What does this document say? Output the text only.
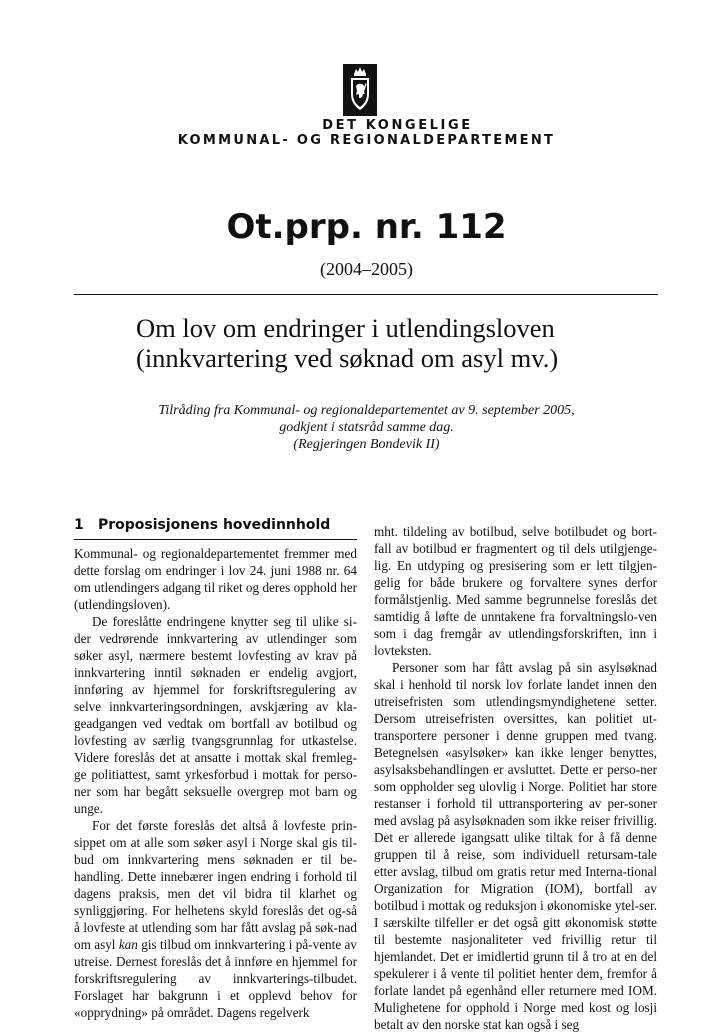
DET KONGELIGE
KOMMUNAL- OG REGIONALDEPARTEMENT
Ot.prp. nr. 112
(2004–2005)
Om lov om endringer i utlendingsloven
(innkvartering ved søknad om asyl mv.)
Tilråding fra Kommunal- og regionaldepartementet av 9. september 2005,
godkjent i statsråd samme dag.
(Regjeringen Bondevik II)
1 Proposisjonens hovedinnhold

Kommunal- og regionaldepartementet fremmer med dette forslag om endringer i lov 24. juni 1988 nr. 64 om utlendingers adgang til riket og deres opphold her (utlendingsloven).

De foreslåtte endringene knytter seg til ulike si-der vedrørende innkvartering av utlendinger som søker asyl, nærmere bestemt lovfesting av krav på innkvartering inntil søknaden er endelig avgjort, innføring av hjemmel for forskriftsregulering av selve innkvarteringsordningen, avskjæring av kla-geadgangen ved vedtak om bortfall av botilbud og lovfesting av særlig tvangsgrunnlag for utkastelse. Videre foreslås det at ansatte i mottak skal fremleg-ge politiattest, samt yrkesforbud i mottak for perso-ner som har begått seksuelle overgrep mot barn og unge.

For det første foreslås det altså å lovfeste prin-sippet om at alle som søker asyl i Norge skal gis til-bud om innkvartering mens søknaden er til be-handling. Dette innebærer ingen endring i forhold til dagens praksis, men det vil bidra til klarhet og synliggjøring. For helhetens skyld foreslås det og-så å lovfeste at utlending som har fått avslag på søk-nad om asyl kan gis tilbud om innkvartering i på-vente av utreise. Dernest foreslås det å innføre en hjemmel for forskriftsregulering av innkvarterings-tilbudet. Forslaget har bakgrunn i et opplevd behov for «opprydning» på området. Dagens regelverk

mht. tildeling av botilbud, selve botilbudet og bort-fall av botilbud er fragmentert og til dels utilgjenge-lig. En utdyping og presisering som er lett tilgjen-gelig for både brukere og forvaltere synes derfor formålstjenlig. Med samme begrunnelse foreslås det samtidig å løfte de unntakene fra forvaltningslo-ven som i dag fremgår av utlendingsforskriften, inn i lovteksten.

Personer som har fått avslag på sin asylsøknad skal i henhold til norsk lov forlate landet innen den utreisefristen som utlendingsmyndighetene setter. Dersom utreisefristen oversittes, kan politiet ut-transportere personer i denne gruppen med tvang. Betegnelsen «asylsøker» kan ikke lenger benyttes, asylsaksbehandlingen er avsluttet. Dette er perso-ner som oppholder seg ulovlig i Norge. Politiet har store restanser i forhold til uttransportering av per-soner med avslag på asylsøknaden som ikke reiser frivillig. Det er allerede igangsatt ulike tiltak for å få denne gruppen til å reise, som individuell retursam-tale etter avslag, tilbud om gratis retur med Interna-tional Organization for Migration (IOM), bortfall av botilbud i mottak og reduksjon i økonomiske ytel-ser. I særskilte tilfeller er det også gitt økonomisk støtte til bestemte nasjonaliteter ved frivillig retur til hjemlandet. Det er imidlertid grunn til å tro at en del spekulerer i å vente til politiet henter dem, fremfor å forlate landet på egenhånd eller returnere med IOM. Mulighetene for opphold i Norge med kost og losji betalt av den norske stat kan også i seg
